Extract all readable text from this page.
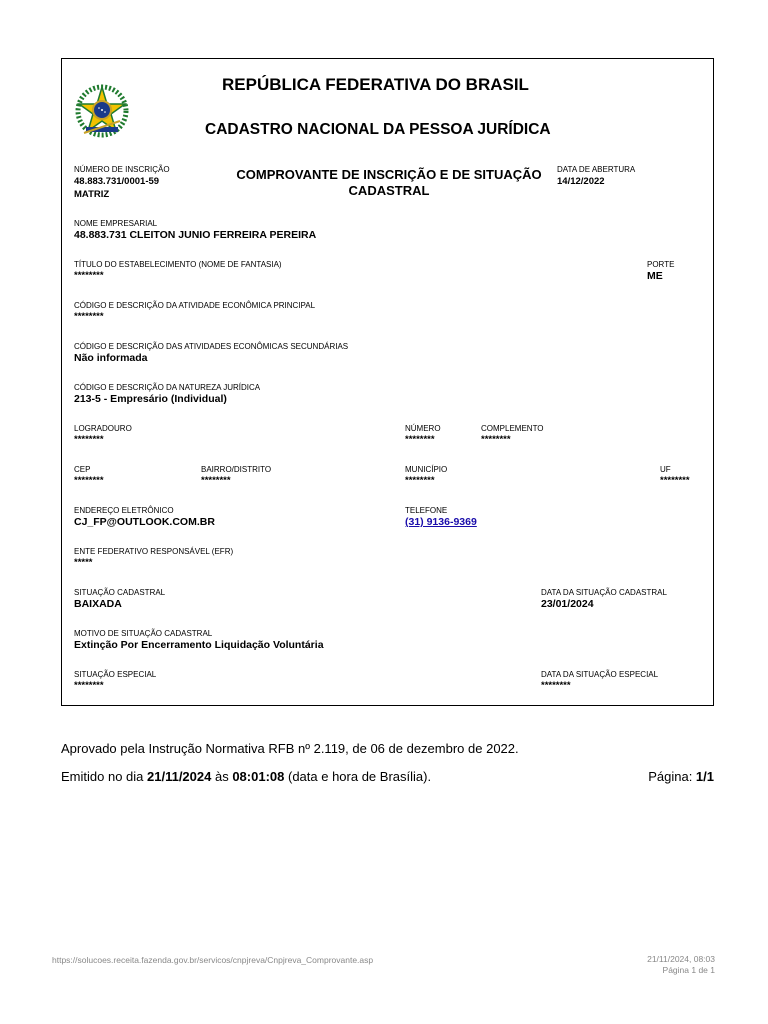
REPÚBLICA FEDERATIVA DO BRASIL
CADASTRO NACIONAL DA PESSOA JURÍDICA
NÚMERO DE INSCRIÇÃO
48.883.731/0001-59
MATRIZ
COMPROVANTE DE INSCRIÇÃO E DE SITUAÇÃO CADASTRAL
DATA DE ABERTURA
14/12/2022
NOME EMPRESARIAL
48.883.731 CLEITON JUNIO FERREIRA PEREIRA
TÍTULO DO ESTABELECIMENTO (NOME DE FANTASIA)
********
PORTE
ME
CÓDIGO E DESCRIÇÃO DA ATIVIDADE ECONÔMICA PRINCIPAL
********
CÓDIGO E DESCRIÇÃO DAS ATIVIDADES ECONÔMICAS SECUNDÁRIAS
Não informada
CÓDIGO E DESCRIÇÃO DA NATUREZA JURÍDICA
213-5 - Empresário (Individual)
LOGRADOURO
********
NÚMERO
********
COMPLEMENTO
********
CEP
********
BAIRRO/DISTRITO
********
MUNICÍPIO
********
UF
********
ENDEREÇO ELETRÔNICO
CJ_FP@OUTLOOK.COM.BR
TELEFONE
(31) 9136-9369
ENTE FEDERATIVO RESPONSÁVEL (EFR)
*****
SITUAÇÃO CADASTRAL
BAIXADA
DATA DA SITUAÇÃO CADASTRAL
23/01/2024
MOTIVO DE SITUAÇÃO CADASTRAL
Extinção Por Encerramento Liquidação Voluntária
SITUAÇÃO ESPECIAL
********
DATA DA SITUAÇÃO ESPECIAL
********
Aprovado pela Instrução Normativa RFB nº 2.119, de 06 de dezembro de 2022.
Emitido no dia 21/11/2024 às 08:01:08 (data e hora de Brasília).	Página: 1/1
https://solucoes.receita.fazenda.gov.br/servicos/cnpjreva/Cnpjreva_Comprovante.asp	21/11/2024, 08:03
Página 1 de 1
